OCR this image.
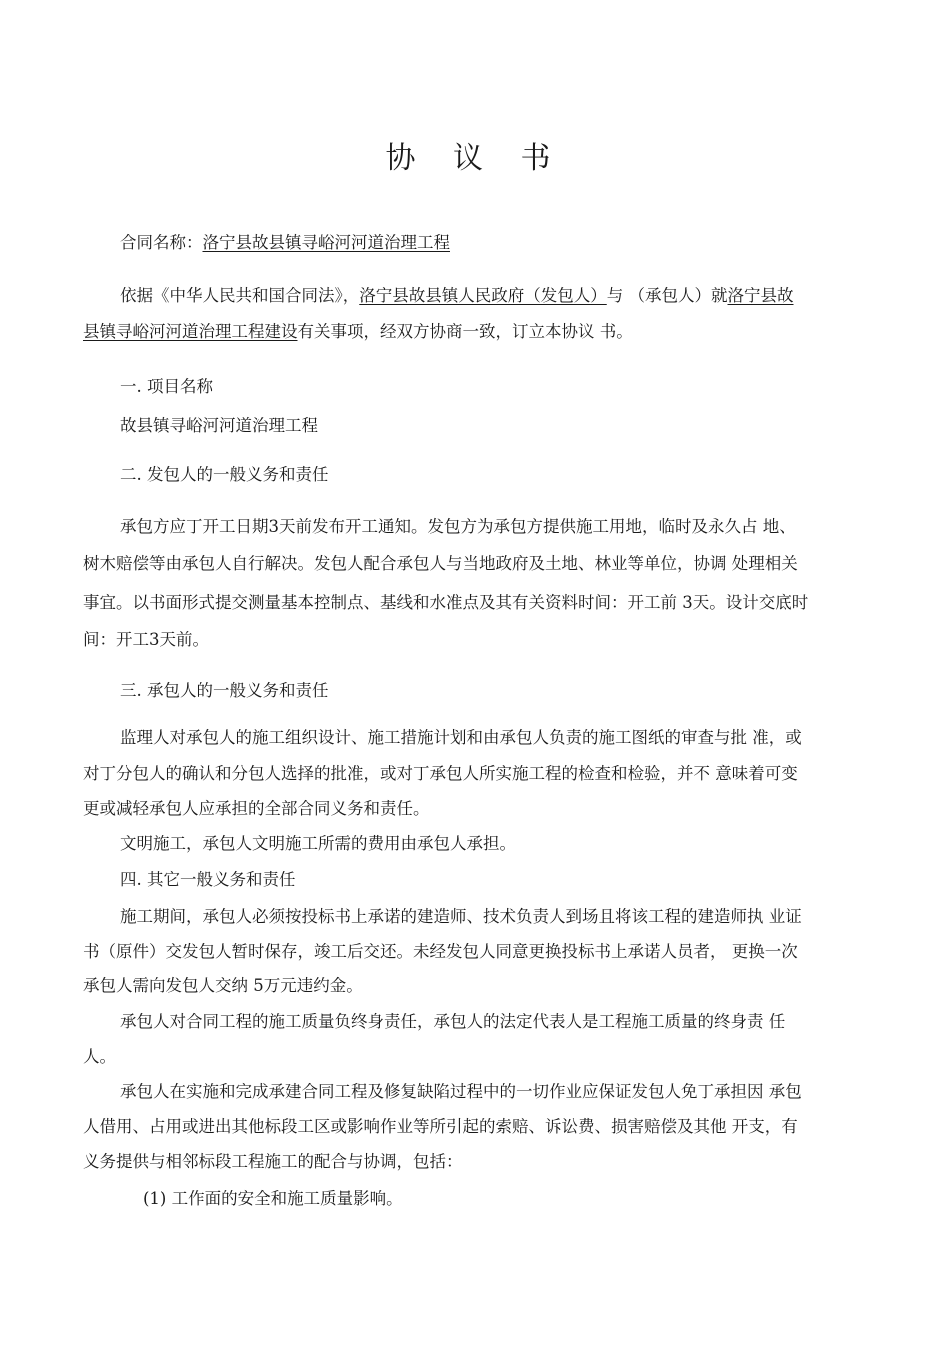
协 议 书
合同名称：洛宁县故县镇寻峪河河道治理工程
依据《中华人民共和国合同法》，洛宁县故县镇人民政府（发包人）与 （承包人）就洛宁县故
县镇寻峪河河道治理工程建设有关事项，经双方协商一致，订立本协议 书。
一. 项目名称
故县镇寻峪河河道治理工程
二. 发包人的一般义务和责任
承包方应丁开工日期3天前发布开工通知。发包方为承包方提供施工用地，临时及永久占 地、
树木赔偿等由承包人自行解决。发包人配合承包人与当地政府及土地、林业等单位，协调 处理相关
事宜。以书面形式提交测量基本控制点、基线和水准点及其有关资料时间：开工前 3天。设计交底时
间：开工3天前。
三. 承包人的一般义务和责任
监理人对承包人的施工组织设计、施工措施计划和由承包人负责的施工图纸的审查与批 准，或
对丁分包人的确认和分包人选择的批准，或对丁承包人所实施工程的检查和检验，并不 意味着可变
更或减轻承包人应承担的全部合同义务和责任。
文明施工，承包人文明施工所需的费用由承包人承担。
四. 其它一般义务和责任
施工期间，承包人必须按投标书上承诺的建造师、技术负责人到场且将该工程的建造师执 业证
书（原件）交发包人暂时保存，竣工后交还。未经发包人同意更换投标书上承诺人员者， 更换一次
承包人需向发包人交纳 5万元违约金。
承包人对合同工程的施工质量负终身责任，承包人的法定代表人是工程施工质量的终身责 任
人。
承包人在实施和完成承建合同工程及修复缺陷过程中的一切作业应保证发包人免丁承担因 承包
人借用、占用或进出其他标段工区或影响作业等所引起的索赔、诉讼费、损害赔偿及其他 开支，有
义务提供与相邻标段工程施工的配合与协调，包括：
(1) 工作面的安全和施工质量影响。
